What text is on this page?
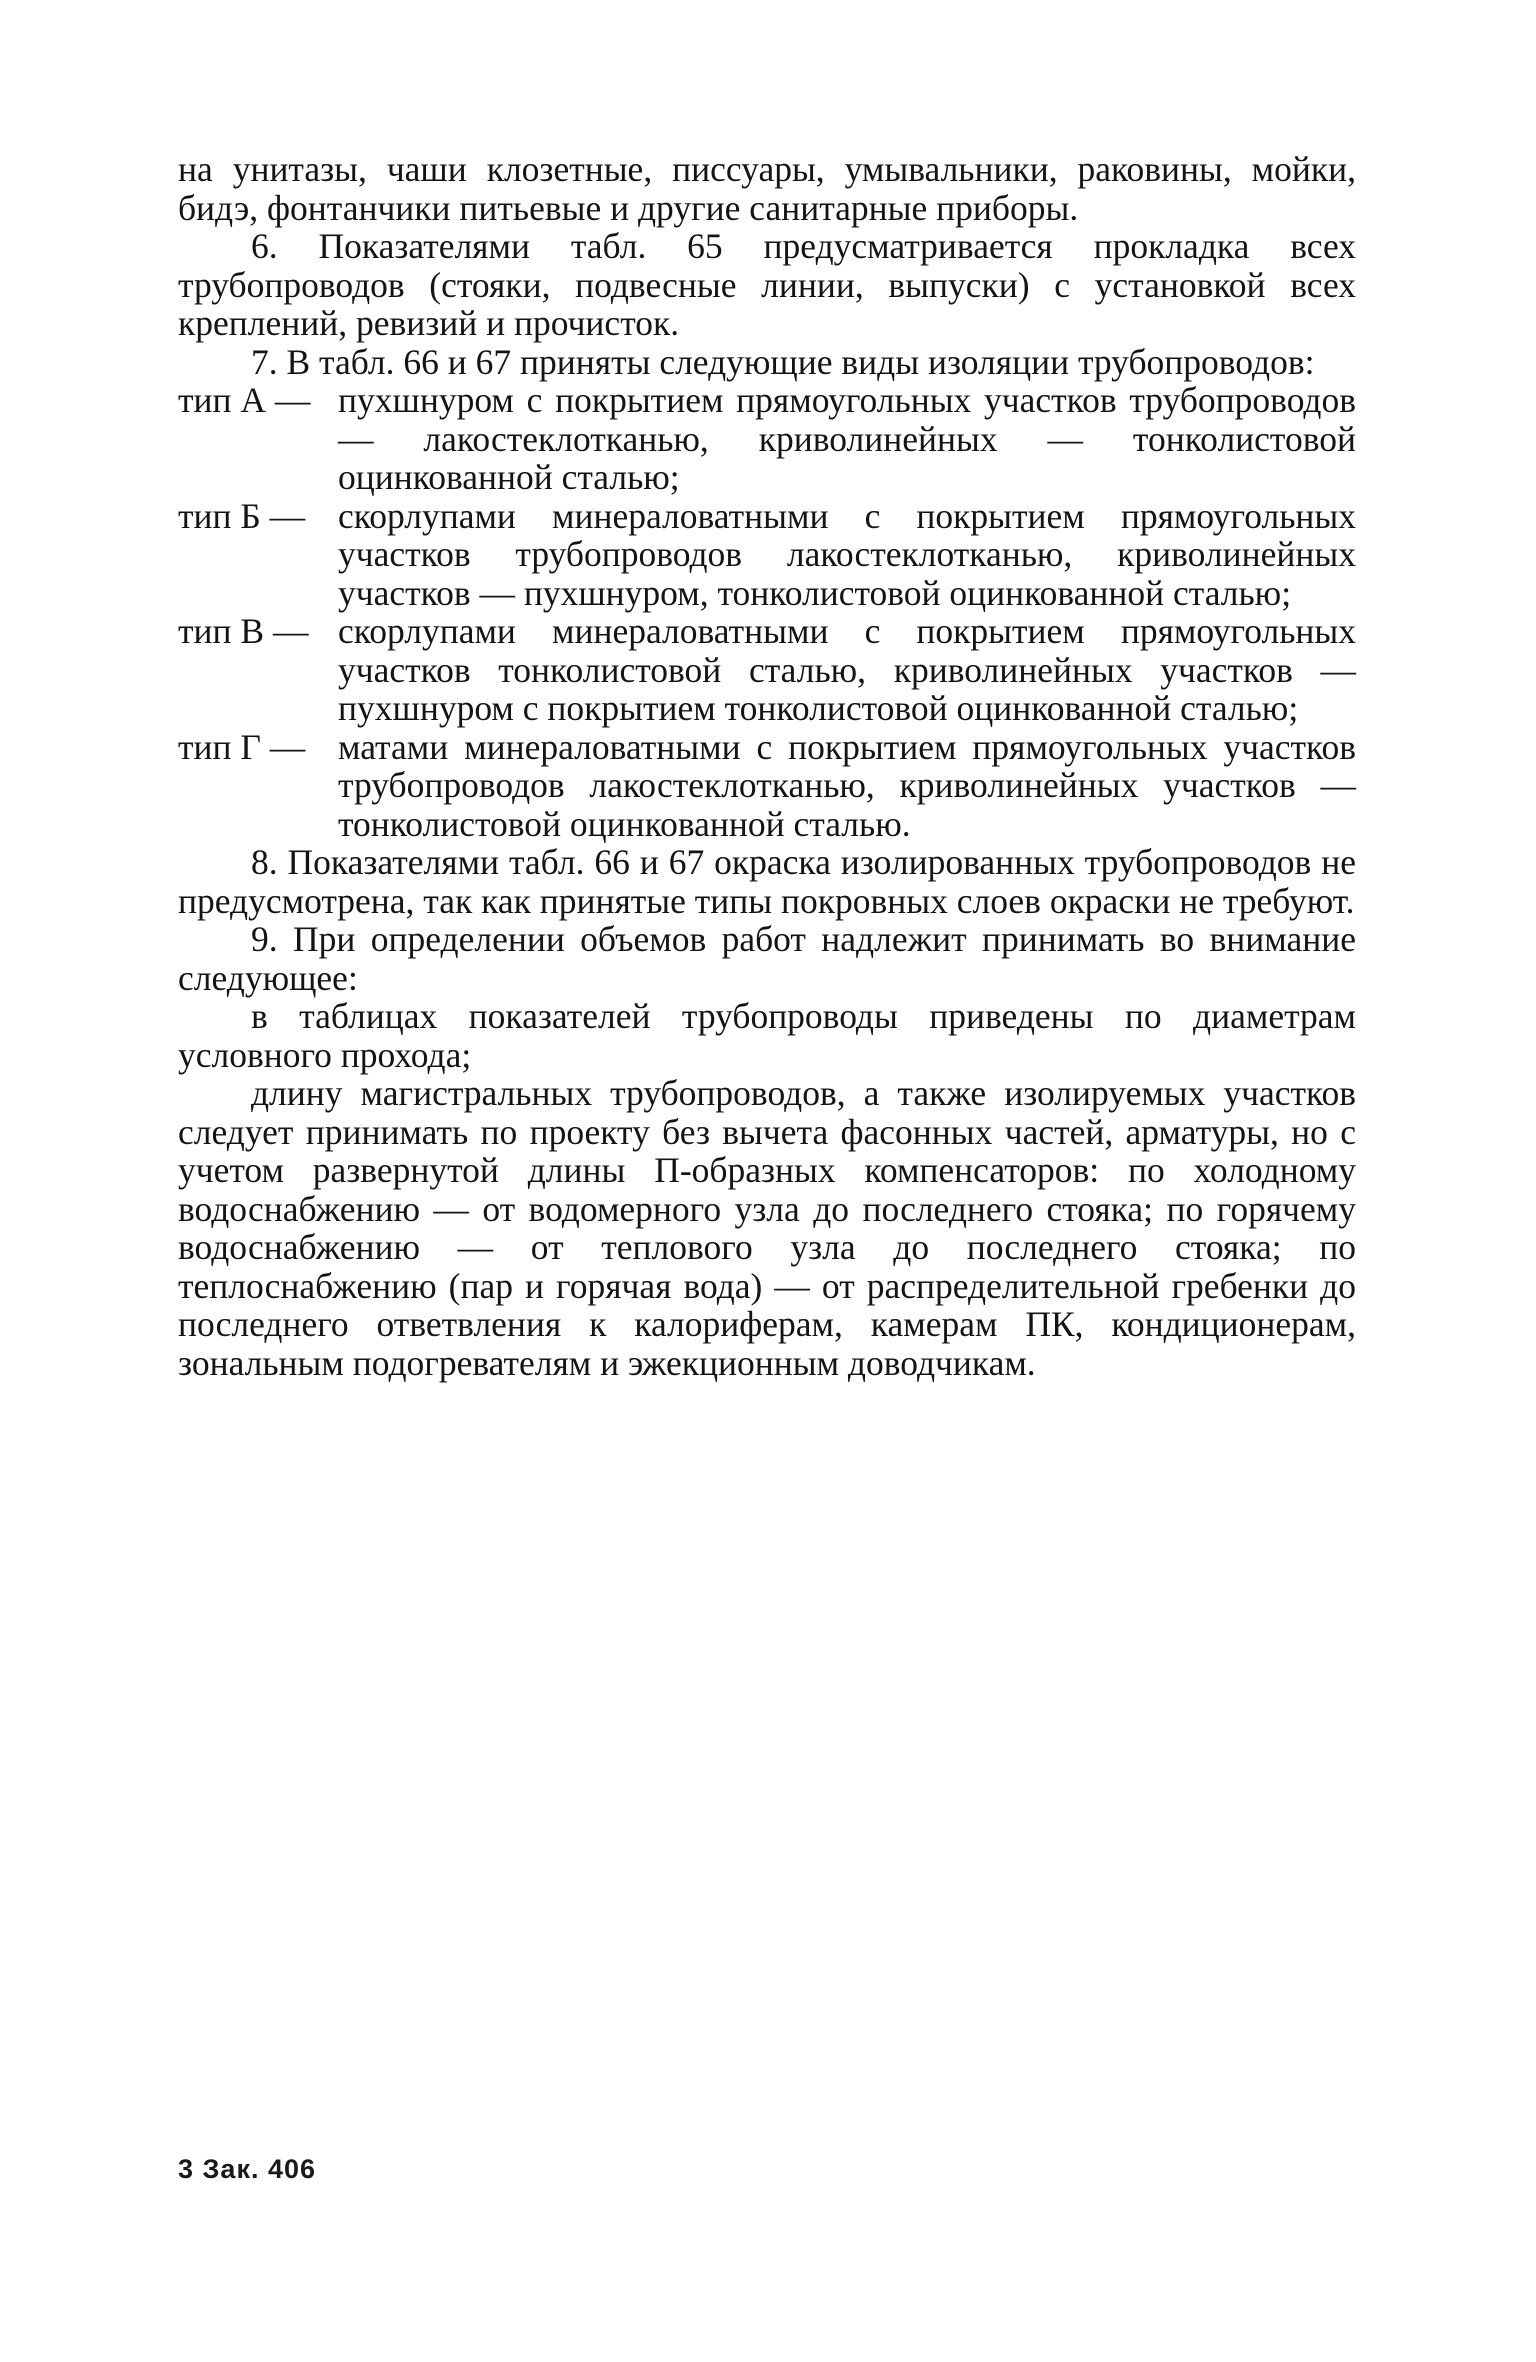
на унитазы, чаши клозетные, писсуары, умывальники, раковины, мойки, бидэ, фонтанчики питьевые и другие санитарные приборы.

6. Показателями табл. 65 предусматривается прокладка всех трубопроводов (стояки, подвесные линии, выпуски) с установкой всех креплений, ревизий и прочисток.

7. В табл. 66 и 67 приняты следующие виды изоляции трубопроводов:

тип А — пухшнуром с покрытием прямоугольных участков трубопроводов — лакостеклотканью, криволинейных — тонколистовой оцинкованной сталью;
тип Б — скорлупами минераловатными с покрытием прямоугольных участков трубопроводов лакостеклотканью, криволинейных участков — пухшнуром, тонколистовой оцинкованной сталью;
тип В — скорлупами минераловатными с покрытием прямоугольных участков тонколистовой сталью, криволинейных участков — пухшнуром с покрытием тонколистовой оцинкованной сталью;
тип Г — матами минераловатными с покрытием прямоугольных участков трубопроводов лакостеклотканью, криволинейных участков — тонколистовой оцинкованной сталью.

8. Показателями табл. 66 и 67 окраска изолированных трубопроводов не предусмотрена, так как принятые типы покровных слоев окраски не требуют.

9. При определении объемов работ надлежит принимать во внимание следующее:

в таблицах показателей трубопроводы приведены по диаметрам условного прохода;

длину магистральных трубопроводов, а также изолируемых участков следует принимать по проекту без вычета фасонных частей, арматуры, но с учетом развернутой длины П-образных компенсаторов: по холодному водоснабжению — от водомерного узла до последнего стояка; по горячему водоснабжению — от теплового узла до последнего стояка; по теплоснабжению (пар и горячая вода) — от распределительной гребенки до последнего ответвления к калориферам, камерам ПК, кондиционерам, зональным подогревателям и эжекционным доводчикам.

3 Зак. 406
